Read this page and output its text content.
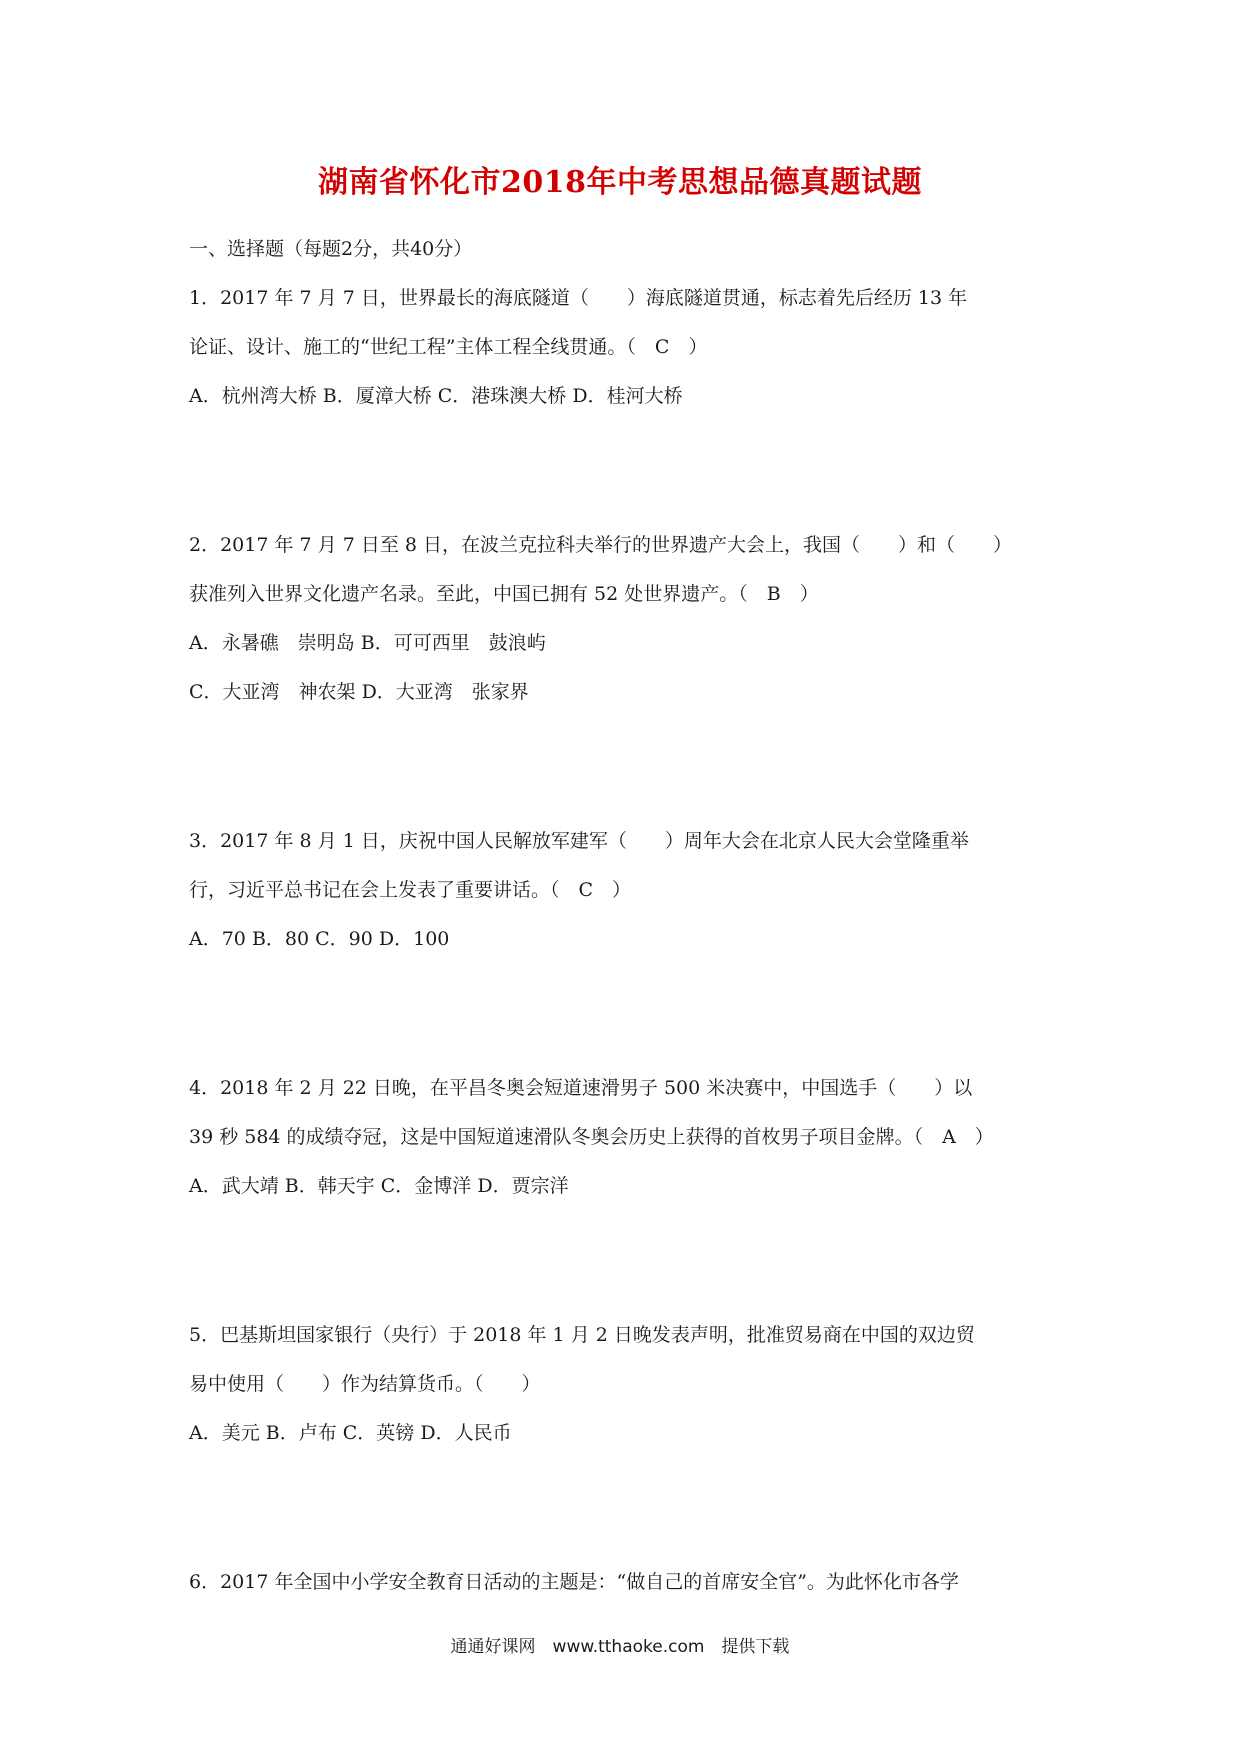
湖南省怀化市2018年中考思想品德真题试题

一、选择题（每题2分，共40分）

1．2017 年 7 月 7 日，世界最长的海底隧道（　　）海底隧道贯通，标志着先后经历 13 年
论证、设计、施工的“世纪工程”主体工程全线贯通。（　C　）
A．杭州湾大桥 B．厦漳大桥 C．港珠澳大桥 D．桂河大桥
2．2017 年 7 月 7 日至 8 日，在波兰克拉科夫举行的世界遗产大会上，我国（　　）和（　　）
获准列入世界文化遗产名录。至此，中国已拥有 52 处世界遗产。（　B　）
A．永暑礁　崇明岛 B．可可西里　鼓浪屿
C．大亚湾　神农架 D．大亚湾　张家界
3．2017 年 8 月 1 日，庆祝中国人民解放军建军（　　）周年大会在北京人民大会堂隆重举
行，习近平总书记在会上发表了重要讲话。（　C　）
A．70 B．80 C．90 D．100
4．2018 年 2 月 22 日晚，在平昌冬奥会短道速滑男子 500 米决赛中，中国选手（　　）以
39 秒 584 的成绩夺冠，这是中国短道速滑队冬奥会历史上获得的首枚男子项目金牌。（　A　）
A．武大靖 B．韩天宇 C．金博洋 D．贾宗洋
5．巴基斯坦国家银行（央行）于 2018 年 1 月 2 日晚发表声明，批准贸易商在中国的双边贸
易中使用（　　）作为结算货币。（　　）
A．美元 B．卢布 C．英镑 D．人民币
6．2017 年全国中小学安全教育日活动的主题是：“做自己的首席安全官”。为此怀化市各学
通通好课网　www.tthaoke.com　提供下载
